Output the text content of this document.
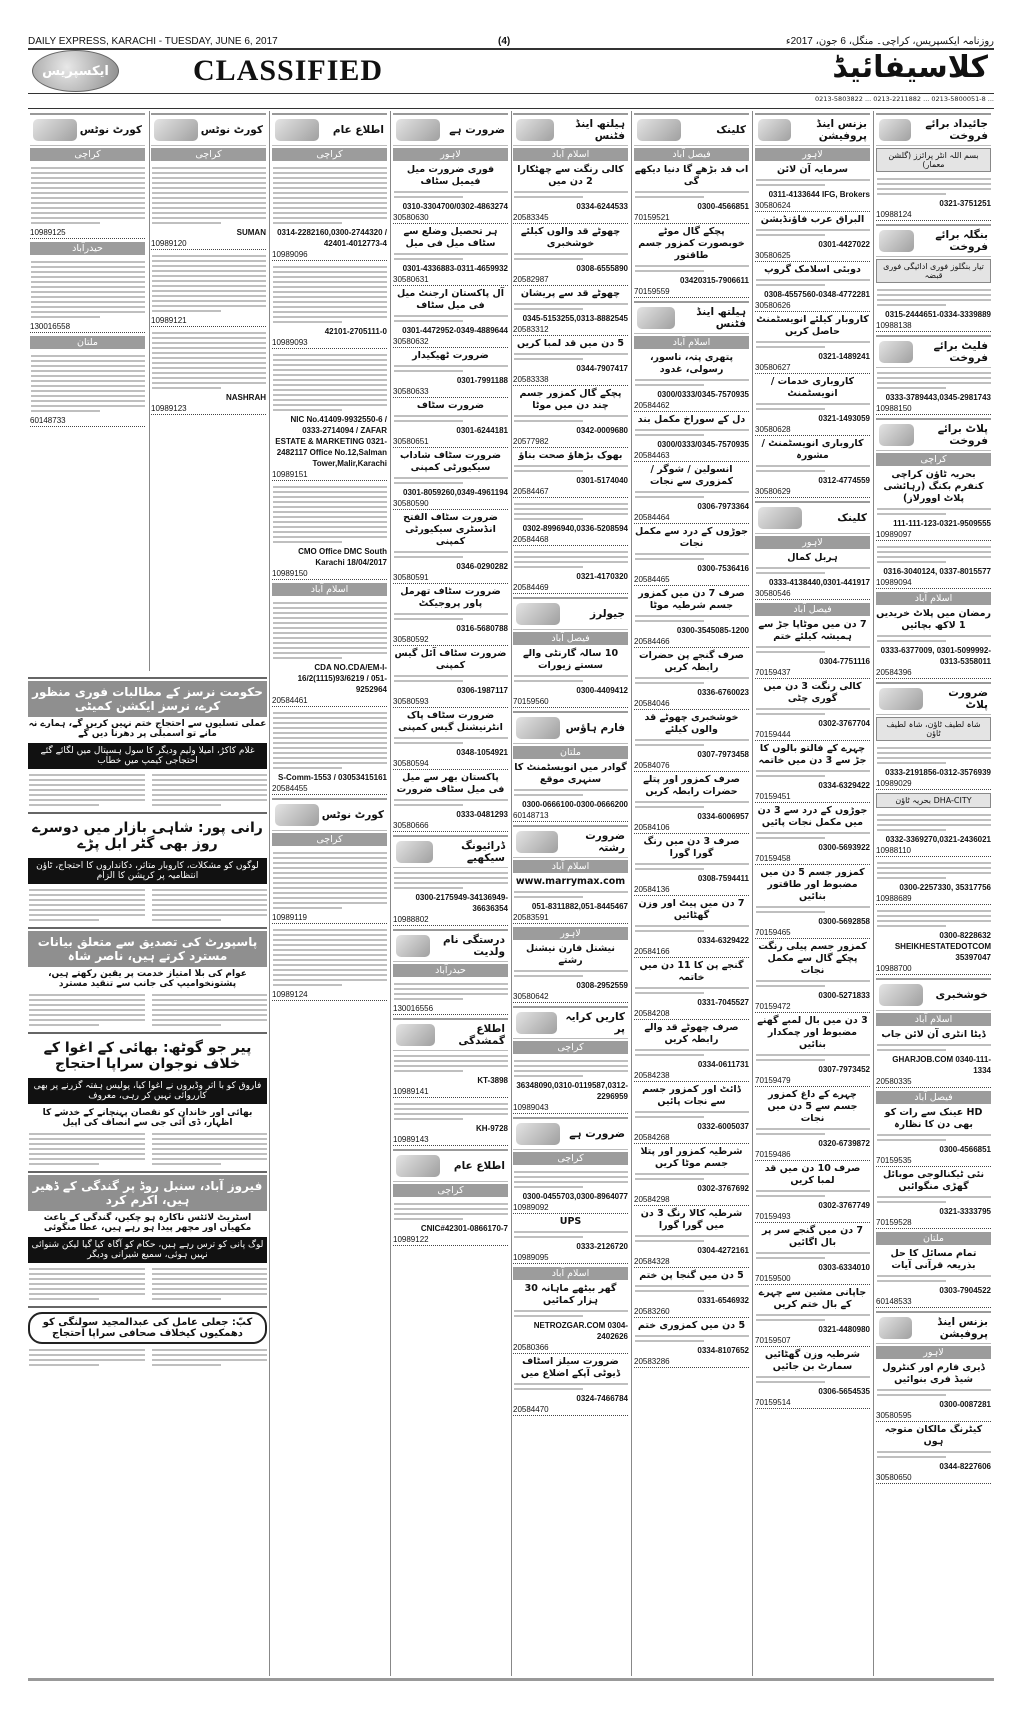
DAILY EXPRESS, KARACHI - TUESDAY, JUNE 6, 2017	(4)	روزنامہ ایکسپریس، کراچی۔ منگل، 6 جون، 2017ء
ایکسپریس	CLASSIFIED	کلاسیفائیڈ
... 0213-5800051-8 ... 0213-2211882 ... 0213-5803822
جائیداد برائے فروخت
بسم اللہ انٹر پرائزز (گلشن معمار)
0321-3751251
10988124
بنگلہ برائے فروخت
تیار بنگلوز فوری ادائیگی فوری قبضہ
0315-2444651-0334-3339889
10988138
فلیٹ برائے فروخت
0333-3789443,0345-2981743
10988150
پلاٹ برائے فروخت
کراچی
بحریہ ٹاؤن کراچی کنفرم بکنگ (رہائشی پلاٹ اوورلاز)
111-111-123-0321-9509555
10989097
0316-3040124, 0337-8015577
10989094
اسلام آباد
رمضان میں پلاٹ خریدیں 1 لاکھ بچائیں
0333-6377009, 0301-5099992-0313-5358011
20584396
ضرورت پلاٹ
شاہ لطیف ٹاؤن، شاہ لطیف ٹاؤن
0333-2191856-0312-3576939
10989029
DHA-CITY بحریہ ٹاؤن
0332-3369270,0321-2436021
10988110
0300-2257330, 35317756
10988689
0300-8228632 SHEIKHESTATEDOTCOM 35397047
10988700
خوشخبری
اسلام آباد
ڈیٹا انٹری آن لائن جاب
GHARJOB.COM 0340-111-1334
20580335
فیصل آباد
HD عینک سے رات کو بھی دن کا نظارہ
0300-4566851
70159535
نئی ٹیکنالوجی موبائل گھڑی منگوائیں
0321-3333795
70159528
ملتان
تمام مسائل کا حل بذریعہ قرآنی آیات
0303-7904522
60148533
بزنس اینڈ پروفیشن
لاہور
ڈیری فارم اور کنٹرول شیڈ فری بنوائیں
0300-0087281
30580595
کیٹرنگ مالکان متوجہ ہوں
0344-8227606
30580650
بزنس اینڈ پروفیشن
لاہور
سرمایہ آن لائن
0311-4133644 IFG, Brokers
30580624
البراق عرب فاؤنڈیشن
0301-4427022
30580625
دوبئی اسلامک گروپ
0308-4557560-0348-4772281
30580626
کاروبار کیلئے انویسٹمنٹ حاصل کریں
0321-1489241
30580627
کاروباری خدمات / انویسٹمنٹ
0321-1493059
30580628
کاروباری انویسٹمنٹ / مشورہ
0312-4774559
30580629
کلینک
لاہور
ہربل کمال
0333-4138440,0301-441917
30580546
فیصل آباد
7 دن میں موٹاپا جڑ سے ہمیشہ کیلئے ختم
0304-7751116
70159437
کالی رنگت 3 دن میں گوری چٹی
0302-3767704
70159444
چہرے کے فالتو بالوں کا جڑ سے 3 دن میں خاتمہ
0334-6329422
70159451
جوڑوں کے درد سے 3 دن میں مکمل نجات پائیں
0300-5693922
70159458
کمزور جسم 5 دن میں مضبوط اور طاقتور بنائیں
0300-5692858
70159465
کمزور جسم پیلی رنگت پچکے گال سے مکمل نجات
0300-5271833
70159472
3 دن میں بال لمبے گھنے مضبوط اور چمکدار بنائیں
0307-7973452
70159479
چہرے کے داغ کمزور جسم سے 5 دن میں نجات
0320-6739872
70159486
صرف 10 دن میں قد لمبا کریں
0302-3767749
70159493
7 دن میں گنجے سر پر بال اگائیں
0303-6334010
70159500
جاپانی مشین سے چہرے کے بال ختم کریں
0321-4480980
70159507
شرطیہ وزن گھٹائیں سمارٹ بن جائیں
0306-5654535
70159514
کلینک
فیصل آباد
اب قد بڑھے گا دنیا دیکھے گی
0300-4566851
70159521
پچکے گال موٹے خوبصورت کمزور جسم طاقتور
03420315-7906611
70159559
ہیلتھ اینڈ فٹنس
اسلام آباد
پتھری پتہ، ناسور، رسولی، غدود
0300/0333/0345-7570935
20584462
دل کے سوراخ مکمل بند
0300/0333/0345-7570935
20584463
انسولین / شوگر / کمزوری سے نجات
0306-7973364
20584464
جوڑوں کے درد سے مکمل نجات
0300-7536416
20584465
صرف 7 دن میں کمزور جسم شرطیہ موٹا
0300-3545085-1200
20584466
صرف گنجے پن حضرات رابطہ کریں
0336-6760023
20584046
خوشخبری چھوٹے قد والوں کیلئے
0307-7973458
20584076
صرف کمزور اور پتلے حضرات رابطہ کریں
0334-6006957
20584106
صرف 3 دن میں رنگ گورا گورا
0308-7594411
20584136
7 دن میں پیٹ اور وزن گھٹائیں
0334-6329422
20584166
گنجے پن کا 11 دن میں خاتمہ
0331-7045527
20584208
صرف چھوٹے قد والے رابطہ کریں
0334-0611731
20584238
ڈائٹ اور کمزور جسم سے نجات پائیں
0332-6005037
20584268
شرطیہ کمزور اور پتلا جسم موٹا کریں
0302-3767692
20584298
شرطیہ کالا رنگ 3 دن میں گورا گورا
0304-4272161
20584328
5 دن میں گنجا پن ختم
0331-6546932
20583260
5 دن میں کمزوری ختم
0334-8107652
20583286
ہیلتھ اینڈ فٹنس
اسلام آباد
کالی رنگت سے چھٹکارا 2 دن میں
0334-6244533
20583345
چھوٹے قد والوں کیلئے خوشخبری
0308-6555890
20582987
چھوٹے قد سے پریشان
0345-5153255,0313-8882545
20583312
5 دن میں قد لمبا کریں
0344-7907417
20583338
پچکے گال کمزور جسم چند دن میں موٹا
0342-0009680
20577982
بھوک بڑھاؤ صحت بناؤ
0301-5174040
20584467
0302-8996940,0336-5208594
20584468
0321-4170320
20584469
جیولرز
فیصل آباد
10 سالہ گارنٹی والے سستے زیورات
0300-4409412
70159560
فارم ہاؤس
ملتان
گوادر میں انویسٹمنٹ کا سنہری موقع
0300-0666100-0300-0666200
60148713
ضرورت رشتہ
اسلام آباد
www.marrymax.com
051-8311882,051-8445467
20583591
لاہور
نیشنل فارن نیشنل رشتے
0308-2952559
30580642
کاریں کرایہ پر
کراچی
36348090,0310-0119587,0312-2296959
10989043
ضرورت ہے
کراچی
0300-0455703,0300-8964077
10989092
UPS
0333-2126720
10989095
اسلام آباد
گھر بیٹھے ماہانہ 30 ہزار کمائیں
NETROZGAR.COM 0304-2402626
20580366
ضرورت سیلز اسٹاف ڈیوٹی آپکے اضلاع میں
0324-7466784
20584470
ضرورت ہے
لاہور
فوری ضرورت میل فیمیل سٹاف
0310-3304700/0302-4863274
30580630
ہر تحصیل وضلع سے سٹاف میل فی میل
0301-4336883-0311-4659932
30580631
آل پاکستان ارجنٹ میل فی میل سٹاف
0301-4472952-0349-4889644
30580632
ضرورت ٹھیکیدار
0301-7991188
30580633
ضرورت سٹاف
0301-6244181
30580651
ضرورت سٹاف شاداب سیکیورٹی کمپنی
0301-8059260,0349-4961194
30580590
ضرورت سٹاف الفتح انڈسٹری سیکیورٹی کمپنی
0346-0290282
30580591
ضرورت سٹاف تھرمل پاور پروجیکٹ
0316-5680788
30580592
ضرورت سٹاف آئل گیس کمپنی
0306-1987117
30580593
ضرورت سٹاف پاک انٹرنیشنل گیس کمپنی
0348-1054921
30580594
پاکستان بھر سے میل فی میل سٹاف ضرورت
0333-0481293
30580666
ڈرائیونگ سیکھیے
0300-2175949-34136949-36636354
10988802
درستگی نام ولدیت
حیدرآباد
130016556
اطلاع گمشدگی
KT-3898
10989141
KH-9728
10989143
اطلاع عام
کراچی
CNIC#42301-0866170-7
10989122
اطلاع عام
کراچی
0314-2282160,0300-2744320 / 42401-4012773-4
10989096
42101-2705111-0
10989093
NIC No.41409-9932550-6 / 0333-2714094 / ZAFAR ESTATE & MARKETING 0321-2482117 Office No.12,Salman Tower,Malir,Karachi
10989151
CMO Office DMC South Karachi 18/04/2017
10989150
اسلام آباد
CDA NO.CDA/EM-I-16/2(1115)93/6219 / 051-9252964
20584461
S-Comm-1553 / 03053415161
20584455
کورٹ نوٹس
کراچی
10989119
10989124
کورٹ نوٹس
کراچی
SUMAN
10989120
10989121
NASHRAH
10989123
کورٹ نوٹس
کراچی
10989125
حیدرآباد
130016558
ملتان
60148733
حکومت نرسز کے مطالبات فوری منظور کرے، نرسز ایکشن کمیٹی
عملی تسلیوں سے احتجاج ختم نہیں کریں گے، ہمارے نہ مانے تو اسمبلی پر دھرنا دیں گے
غلام کاکڑ، امیلا ولیم ودیگر کا سول ہسپتال میں لگائے گئے احتجاجی کیمپ میں خطاب
رانی پور: شاہی بازار میں دوسرے روز بھی گٹر ابل پڑے
لوگوں کو مشکلات، کاروبار متاثر، دکانداروں کا احتجاج، ٹاؤن انتظامیہ پر کرپشن کا الزام
پاسپورٹ کی تصدیق سے متعلق بیانات مسترد کرتے ہیں، ناصر شاہ
عوام کی بلا امتیاز خدمت پر یقین رکھتے ہیں، پشتونخوامیپ کی جانب سے تنقید مسترد
پیر جو گوٹھ: بھائی کے اغوا کے خلاف نوجوان سراپا احتجاج
فاروق کو با اثر وڈیروں نے اغوا کیا، پولیس ہفتہ گزرنے پر بھی کارروائی نہیں کر رہی، معروف
بھائی اور خاندان کو نقصان پہنچانے کے خدشے کا اظہار، ڈی آئی جی سے انصاف کی اپیل
فیروز آباد، سنبل روڈ پر گندگی کے ڈھیر ہیں، اکرم کرد
اسٹریٹ لائٹس ناکارہ ہو چکیں، گندگی کے باعث مکھیاں اور مچھر پیدا ہو رہے ہیں، عطا منگوئی
لوگ پانی کو ترس رہے ہیں، حکام کو آگاہ کیا گیا لیکن شنوائی نہیں ہوئی، سمیع شیرانی ودیگر
کبّ: جعلی عامل کی عبدالمجید سولنگی کو دھمکیوں کیخلاف صحافی سراپا احتجاج
